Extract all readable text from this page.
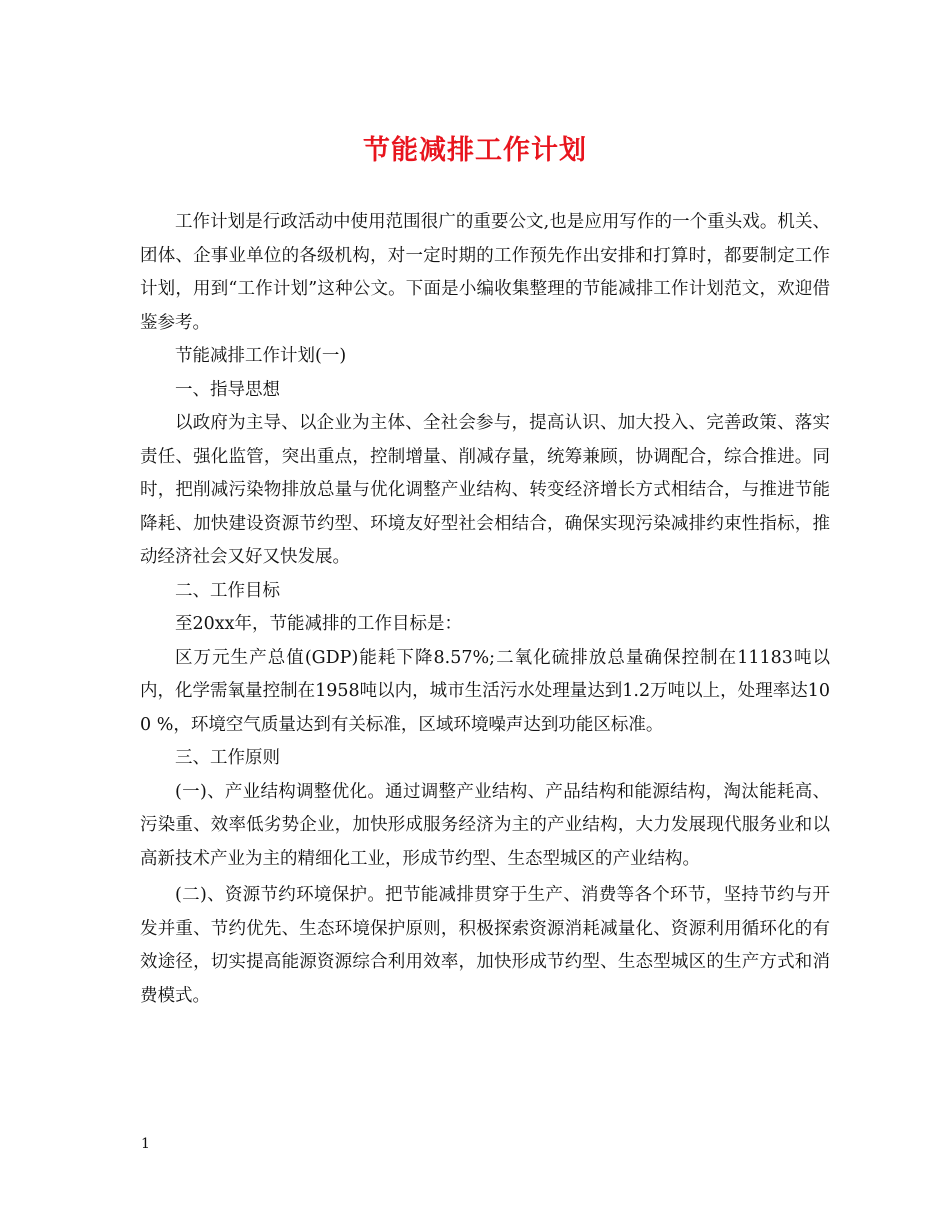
节能减排工作计划

工作计划是行政活动中使用范围很广的重要公文,也是应用写作的一个重头戏。机关、团体、企事业单位的各级机构，对一定时期的工作预先作出安排和打算时，都要制定工作计划，用到“工作计划”这种公文。下面是小编收集整理的节能减排工作计划范文，欢迎借鉴参考。

节能减排工作计划(一)

一、指导思想

以政府为主导、以企业为主体、全社会参与，提高认识、加大投入、完善政策、落实责任、强化监管，突出重点，控制增量、削减存量，统筹兼顾，协调配合，综合推进。同时，把削减污染物排放总量与优化调整产业结构、转变经济增长方式相结合，与推进节能降耗、加快建设资源节约型、环境友好型社会相结合，确保实现污染减排约束性指标，推动经济社会又好又快发展。

二、工作目标

至20xx年，节能减排的工作目标是：

区万元生产总值(GDP)能耗下降8.57%;二氧化硫排放总量确保控制在11183吨以内，化学需氧量控制在1958吨以内，城市生活污水处理量达到1.2万吨以上，处理率达100 %，环境空气质量达到有关标准，区域环境噪声达到功能区标准。

三、工作原则

(一)、产业结构调整优化。通过调整产业结构、产品结构和能源结构，淘汰能耗高、污染重、效率低劣势企业，加快形成服务经济为主的产业结构，大力发展现代服务业和以高新技术产业为主的精细化工业，形成节约型、生态型城区的产业结构。

(二)、资源节约环境保护。把节能减排贯穿于生产、消费等各个环节，坚持节约与开发并重、节约优先、生态环境保护原则，积极探索资源消耗减量化、资源利用循环化的有效途径，切实提高能源资源综合利用效率，加快形成节约型、生态型城区的生产方式和消费模式。

1
